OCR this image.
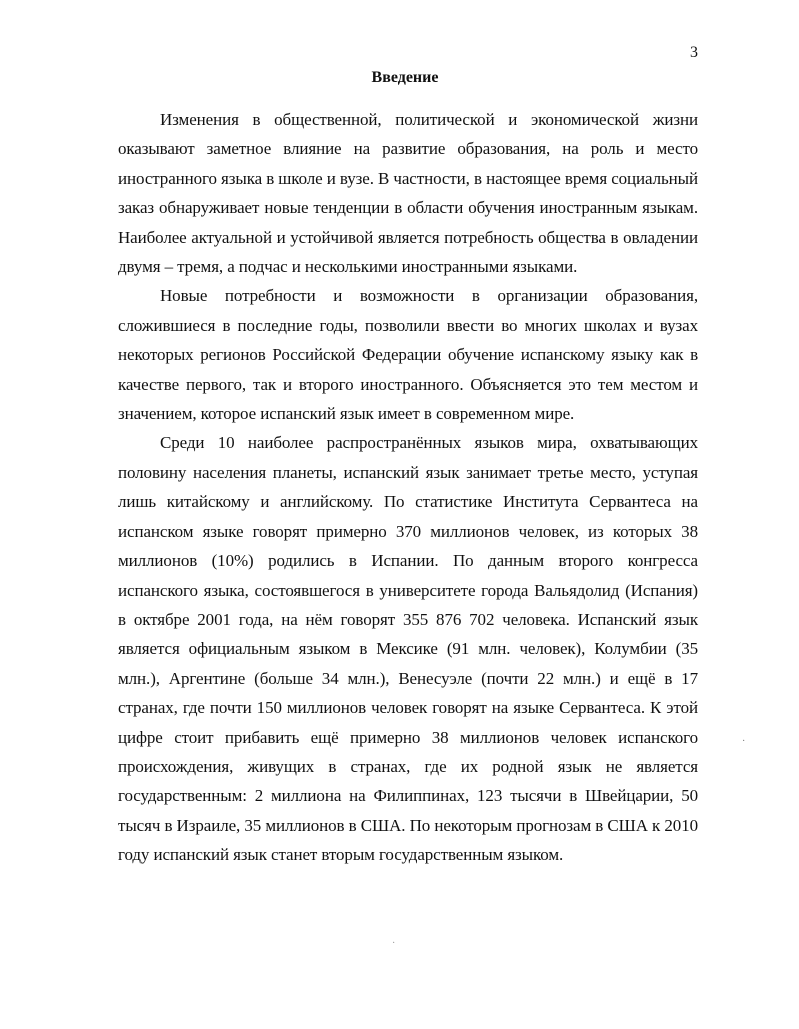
3
Введение

Изменения в общественной, политической и экономической жизни оказывают заметное влияние на развитие образования, на роль и место иностранного языка в школе и вузе. В частности, в настоящее время социальный заказ обнаруживает новые тенденции в области обучения иностранным языкам. Наиболее актуальной и устойчивой является потребность общества в овладении двумя – тремя, а подчас и несколькими иностранными языками.

Новые потребности и возможности в организации образования, сложившиеся в последние годы, позволили ввести во многих школах и вузах некоторых регионов Российской Федерации обучение испанскому языку как в качестве первого, так и второго иностранного. Объясняется это тем местом и значением, которое испанский язык имеет в современном мире.

Среди 10 наиболее распространённых языков мира, охватывающих половину населения планеты, испанский язык занимает третье место, уступая лишь китайскому и английскому. По статистике Института Сервантеса на испанском языке говорят примерно 370 миллионов человек, из которых 38 миллионов (10%) родились в Испании. По данным второго конгресса испанского языка, состоявшегося в университете города Вальядолид (Испания) в октябре 2001 года, на нём говорят 355 876 702 человека. Испанский язык является официальным языком в Мексике (91 млн. человек), Колумбии (35 млн.), Аргентине (больше 34 млн.), Венесуэле (почти 22 млн.) и ещё в 17 странах, где почти 150 миллионов человек говорят на языке Сервантеса. К этой цифре стоит прибавить ещё примерно 38 миллионов человек испанского происхождения, живущих в странах, где их родной язык не является государственным: 2 миллиона на Филиппинах, 123 тысячи в Швейцарии, 50 тысяч в Израиле, 35 миллионов в США. По некоторым прогнозам в США к 2010 году испанский язык станет вторым государственным языком.

·
·
